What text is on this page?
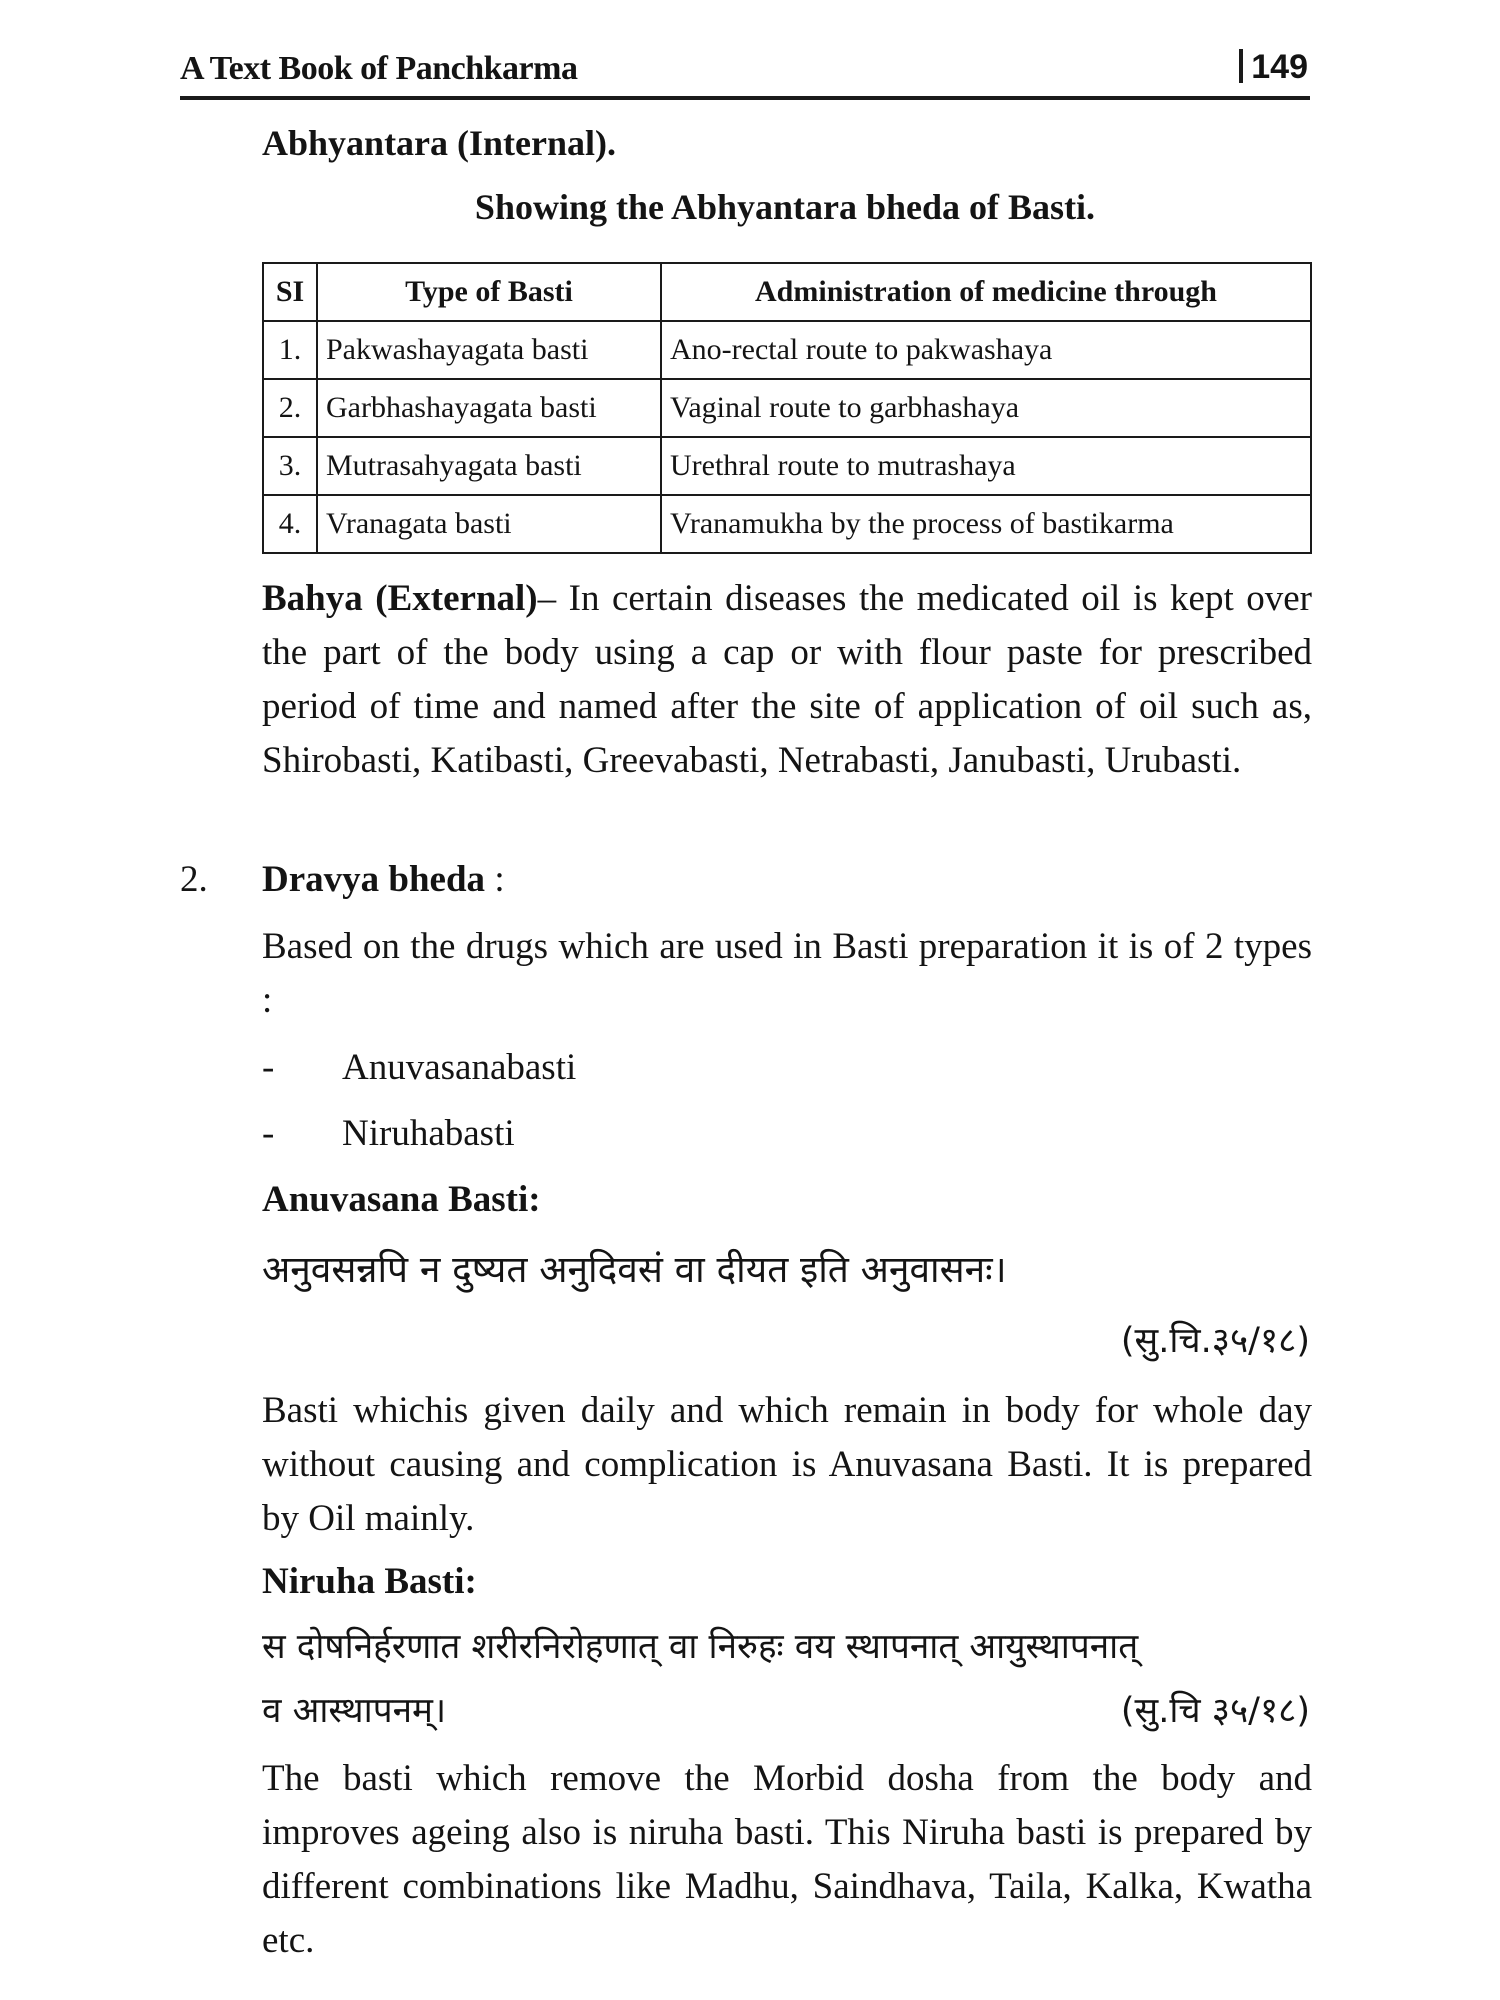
A Text Book of Panchkarma	149
Abhyantara (Internal).
Showing the Abhyantara bheda of Basti.
SI	Type of Basti	Administration of medicine through
1.	Pakwashayagata basti	Ano-rectal route to pakwashaya
2.	Garbhashayagata basti	Vaginal route to garbhashaya
3.	Mutrasahyagata basti	Urethral route to mutrashaya
4.	Vranagata basti	Vranamukha by the process of bastikarma
Bahya (External)– In certain diseases the medicated oil is kept over the part of the body using a cap or with flour paste for prescribed period of time and named after the site of application of oil such as, Shirobasti, Katibasti, Greevabasti, Netrabasti, Janubasti, Urubasti.
2. Dravya bheda :
Based on the drugs which are used in Basti preparation it is of 2 types :
- Anuvasanabasti
- Niruhabasti
Anuvasana Basti:
अनुवसन्नपि न दुष्यत अनुदिवसं वा दीयत इति अनुवासनः।
(सु.चि.३५/१८)
Basti whichis given daily and which remain in body for whole day without causing and complication is Anuvasana Basti. It is prepared by Oil mainly.
Niruha Basti:
स दोषनिर्हरणात शरीरनिरोहणात् वा निरुहः वय स्थापनात् आयुस्थापनात्
व आस्थापनम्।	(सु.चि ३५/१८)
The basti which remove the Morbid dosha from the body and improves ageing also is niruha basti. This Niruha basti is prepared by different combinations like Madhu, Saindhava, Taila, Kalka, Kwatha etc.
